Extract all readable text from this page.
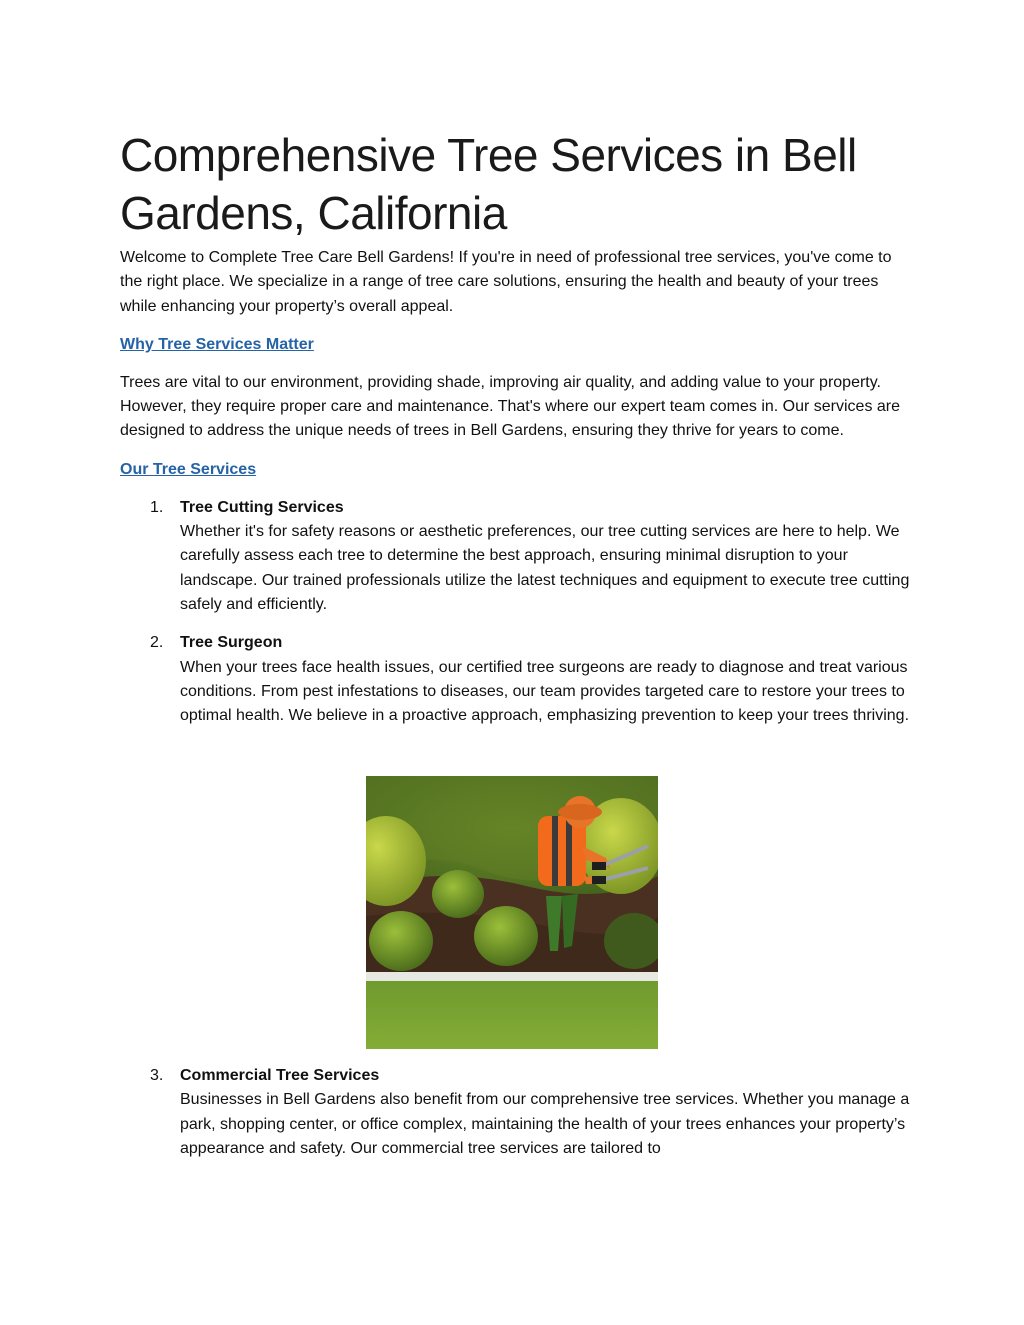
Comprehensive Tree Services in Bell Gardens, California

Welcome to Complete Tree Care Bell Gardens! If you're in need of professional tree services, you've come to the right place. We specialize in a range of tree care solutions, ensuring the health and beauty of your trees while enhancing your property’s overall appeal.

Why Tree Services Matter

Trees are vital to our environment, providing shade, improving air quality, and adding value to your property. However, they require proper care and maintenance. That's where our expert team comes in. Our services are designed to address the unique needs of trees in Bell Gardens, ensuring they thrive for years to come.

Our Tree Services
1. Tree Cutting Services

Whether it's for safety reasons or aesthetic preferences, our tree cutting services are here to help. We carefully assess each tree to determine the best approach, ensuring minimal disruption to your landscape. Our trained professionals utilize the latest techniques and equipment to execute tree cutting safely and efficiently.

2. Tree Surgeon

When your trees face health issues, our certified tree surgeons are ready to diagnose and treat various conditions. From pest infestations to diseases, our team provides targeted care to restore your trees to optimal health. We believe in a proactive approach, emphasizing prevention to keep your trees thriving.

3. Commercial Tree Services

Businesses in Bell Gardens also benefit from our comprehensive tree services. Whether you manage a park, shopping center, or office complex, maintaining the health of your trees enhances your property’s appearance and safety. Our commercial tree services are tailored to
